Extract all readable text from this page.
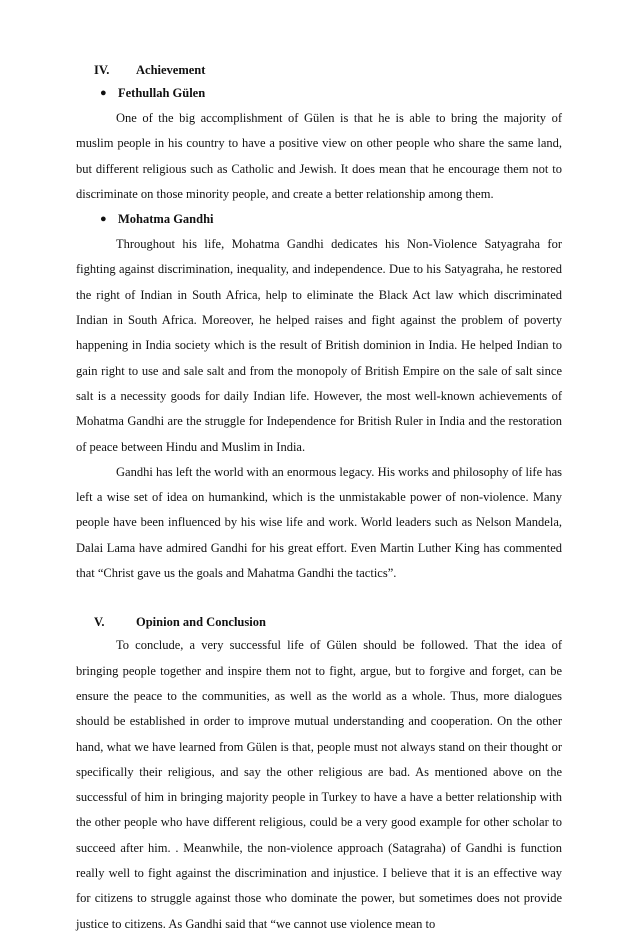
IV.	Achievement
● Fethullah Gülen

One of the big accomplishment of Gülen is that he is able to bring the majority of muslim people in his country to have a positive view on other people who share the same land, but different religious such as Catholic and Jewish. It does mean that he encourage them not to discriminate on those minority people, and create a better relationship among them.

● Mohatma Gandhi

Throughout his life, Mohatma Gandhi dedicates his Non-Violence Satyagraha for fighting against discrimination, inequality, and independence. Due to his Satyagraha, he restored the right of Indian in South Africa, help to eliminate the Black Act law which discriminated Indian in South Africa. Moreover, he helped raises and fight against the problem of poverty happening in India society which is the result of British dominion in India. He helped Indian to gain right to use and sale salt and from the monopoly of British Empire on the sale of salt since salt is a necessity goods for daily Indian life. However, the most well-known achievements of Mohatma Gandhi are the struggle for Independence for British Ruler in India and the restoration of peace between Hindu and Muslim in India.

Gandhi has left the world with an enormous legacy. His works and philosophy of life has left a wise set of idea on humankind, which is the unmistakable power of non-violence. Many people have been influenced by his wise life and work. World leaders such as Nelson Mandela, Dalai Lama have admired Gandhi for his great effort. Even Martin Luther King has commented that “Christ gave us the goals and Mahatma Gandhi the tactics”.

V.	Opinion and Conclusion

To conclude, a very successful life of Gülen should be followed. That the idea of bringing people together and inspire them not to fight, argue, but to forgive and forget, can be ensure the peace to the communities, as well as the world as a whole. Thus, more dialogues should be established in order to improve mutual understanding and cooperation. On the other hand, what we have learned from Gülen is that, people must not always stand on their thought or specifically their religious, and say the other religious are bad. As mentioned above on the successful of him in bringing majority people in Turkey to have a have a better relationship with the other people who have different religious, could be a very good example for other scholar to succeed after him. . Meanwhile, the non-violence approach (Satagraha) of Gandhi is function really well to fight against the discrimination and injustice. I believe that it is an effective way for citizens to struggle against those who dominate the power, but sometimes does not provide justice to citizens. As Gandhi said that “we cannot use violence mean to
